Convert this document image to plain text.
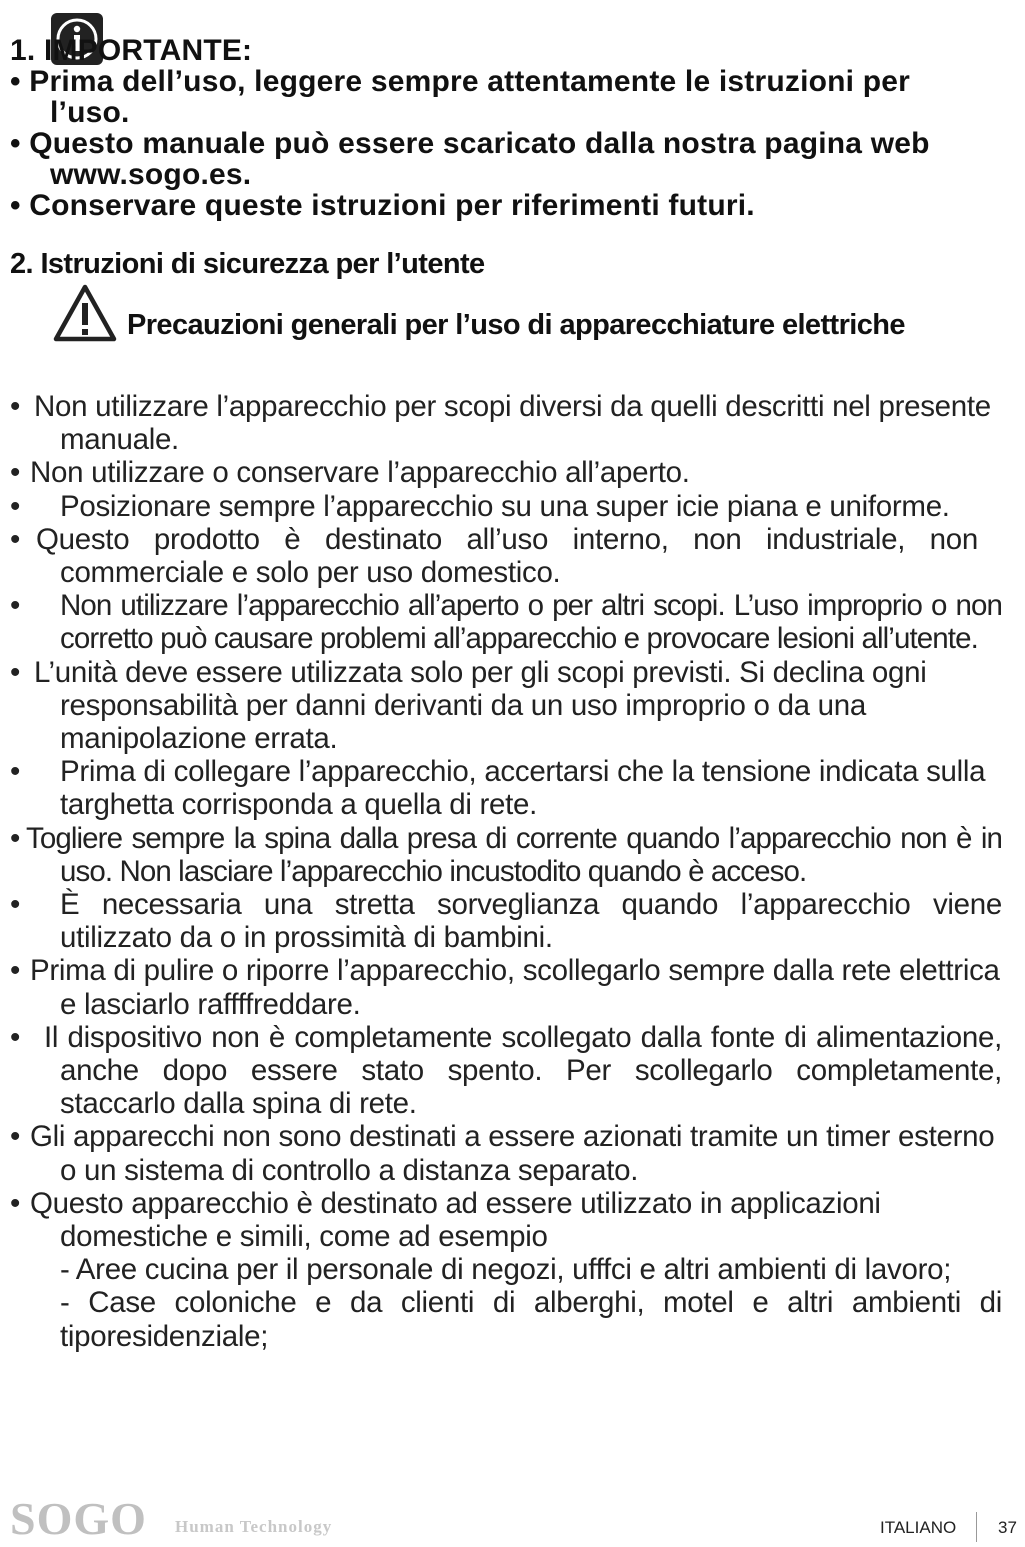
1. IMPORTANTE:
• Prima dell’uso, leggere sempre attentamente le istruzioni per l’uso.
• Questo manuale può essere scaricato dalla nostra pagina web www.sogo.es.
• Conservare queste istruzioni per riferimenti futuri.
2. Istruzioni di sicurezza per l’utente
Precauzioni generali per l’uso di apparecchiature elettriche
• Non utilizzare l’apparecchio per scopi diversi da quelli descritti nel presente manuale.
• Non utilizzare o conservare l’apparecchio all’aperto.
•	Posizionare sempre l’apparecchio su una super icie piana e uniforme.
• Questo prodotto è destinato all’uso interno, non industriale, non commerciale e solo per uso domestico.
•	Non utilizzare l’apparecchio all’aperto o per altri scopi. L’uso improprio o non corretto può causare problemi all’apparecchio e provocare lesioni all’utente.
• L’unità deve essere utilizzata solo per gli scopi previsti. Si declina ogni responsabilità per danni derivanti da un uso improprio o da una manipolazione errata.
•	Prima di collegare l’apparecchio, accertarsi che la tensione indicata sulla targhetta corrisponda a quella di rete.
• Togliere sempre la spina dalla presa di corrente quando l’apparecchio non è in uso. Non lasciare l’apparecchio incustodito quando è acceso.
•	È necessaria una stretta sorveglianza quando l’apparecchio viene utilizzato da o in prossimità di bambini.
• Prima di pulire o riporre l’apparecchio, scollegarlo sempre dalla rete elettrica e lasciarlo raffffreddare.
• Il dispositivo non è completamente scollegato dalla fonte di alimentazione, anche dopo essere stato spento. Per scollegarlo completamente, staccarlo dalla spina di rete.
• Gli apparecchi non sono destinati a essere azionati tramite un timer esterno o un sistema di controllo a distanza separato.
• Questo apparecchio è destinato ad essere utilizzato in applicazioni domestiche e simili, come ad esempio
- Aree cucina per il personale di negozi, ufffci e altri ambienti di lavoro;
- Case coloniche e da clienti di alberghi, motel e altri ambienti di tiporesidenziale;
SOGO Human Technology	ITALIANO 37
